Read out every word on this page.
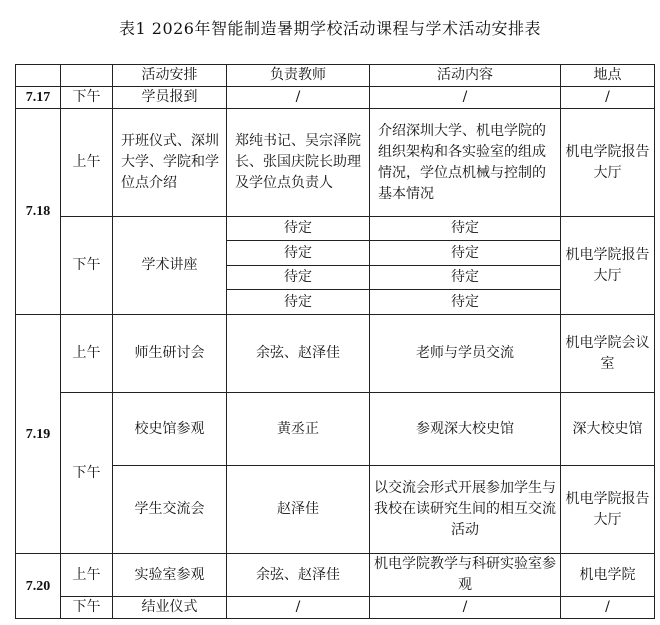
表1 2026年智能制造暑期学校活动课程与学术活动安排表
		活动安排	负责教师	活动内容	地点
7.17	下午	学员报到	/	/	/
7.18	上午	开班仪式、深圳大学、学院和学位点介绍	郑纯书记、吴宗泽院长、张国庆院长助理及学位点负责人	介绍深圳大学、机电学院的组织架构和各实验室的组成情况，学位点机械与控制的基本情况	机电学院报告大厅
	下午	学术讲座	待定	待定	机电学院报告大厅
			待定	待定	
			待定	待定	
			待定	待定	
7.19	上午	师生研讨会	余弦、赵泽佳	老师与学员交流	机电学院会议室
	下午	校史馆参观	黄丞正	参观深大校史馆	深大校史馆
		学生交流会	赵泽佳	以交流会形式开展参加学生与我校在读研究生间的相互交流活动	机电学院报告大厅
7.20	上午	实验室参观	余弦、赵泽佳	机电学院教学与科研实验室参观	机电学院
	下午	结业仪式	/	/	/
